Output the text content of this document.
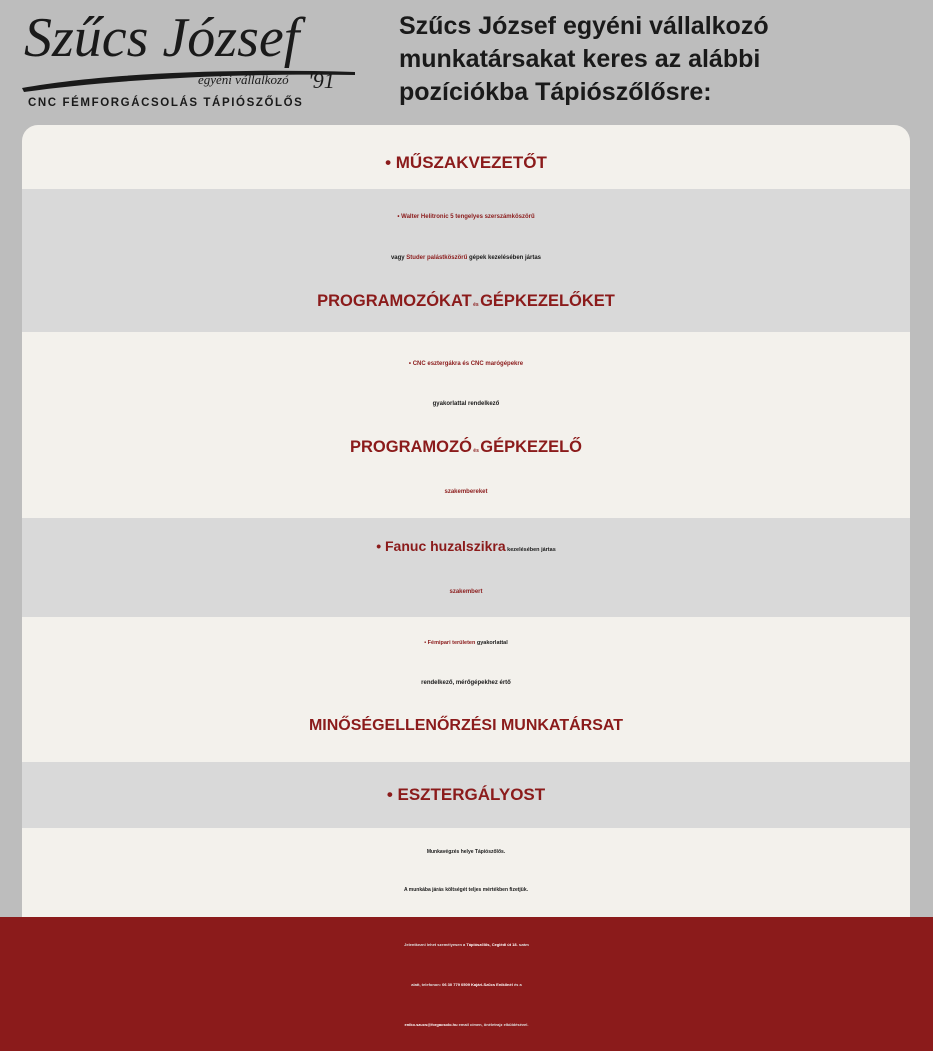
Szűcs József
egyéni vállalkozó '91
CNC FÉMFORGÁCSOLÁS TÁPIÓSZŐLŐS
Szűcs József egyéni vállalkozó
munkatársakat keres az alábbi
pozíciókba Tápiószőlősre:
• MŰSZAKVEZETŐT
• Walter Helitronic 5 tengelyes szerszámköszörű
vagy Studer palástköszörű gépek kezelésében jártas
PROGRAMOZÓKAT és GÉPKEZELŐKET
• CNC esztergákra és CNC marógépekre
gyakorlattal rendelkező
PROGRAMOZÓ és GÉPKEZELŐ
szakembereket
• Fanuc huzalszikra kezelésében jártas
szakembert
• Fémipari területen gyakorlattal
rendelkező, mérőgépekhez értő
MINŐSÉGELLENŐRZÉSI MUNKATÁRSAT
• ESZTERGÁLYOST
Munkavégzés helye Tápiószőlős.
A munkába járás költségét teljes mértékben fizetjük.
Jelentkezni lehet személyesen a Tápiószőlős, Ceglédi út 18. szám
alatt, telefonon: 06 30 779 0509 Kajári-Szűcs Enikőnél és a
eniko.szucs@forgacsolo.hu email címen, önéletrajz elküldésével.
